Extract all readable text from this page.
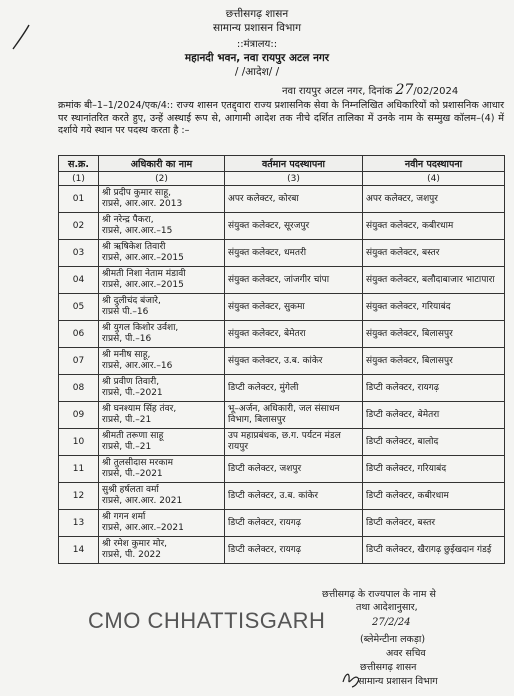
छत्तीसगढ़ शासन
सामान्य प्रशासन विभाग
::मंत्रालय::
महानदी भवन, नवा रायपुर अटल नगर
/ /आदेश/ /
नवा रायपुर अटल नगर, दिनांक 27/02/2024
क्रमांक बी–1–1/2024/एक/4:: राज्य शासन एतद्द्वारा राज्य प्रशासनिक सेवा के निम्नलिखित अधिकारियों को प्रशासनिक आधार पर स्थानांतरित करते हुए, उन्हें अस्थाई रूप से, आगामी आदेश तक नीचे दर्शित तालिका में उनके नाम के सम्मुख कॉलम–(4) में दर्शाये गये स्थान पर पदस्थ करता है :–
स.क्र.	अधिकारी का नाम	वर्तमान पदस्थापना	नवीन पदस्थापना
(1)	(2)	(3)	(4)
01	श्री प्रदीप कुमार साहू,
राप्रसे, आर.आर. 2013	अपर कलेक्टर, कोरबा	अपर कलेक्टर, जशपुर
02	श्री नरेन्द्र पैकरा,
राप्रसे, आर.आर.–15	संयुक्त कलेक्टर, सूरजपुर	संयुक्त कलेक्टर, कबीरधाम
03	श्री ऋषिकेश तिवारी
राप्रसे, आर.आर.–2015	संयुक्त कलेक्टर, धमतरी	संयुक्त कलेक्टर, बस्तर
04	श्रीमती निशा नेताम मंडावी
राप्रसे, आर.आर.–2015	संयुक्त कलेक्टर, जांजगीर चांपा	संयुक्त कलेक्टर, बलौदाबाजार भाटापारा
05	श्री दुलीचंद बंजारे,
राप्रसे पी.–16	संयुक्त कलेक्टर, सुकमा	संयुक्त कलेक्टर, गरियाबंद
06	श्री युगल किशोर उर्वशा,
राप्रसे, पी.–16	संयुक्त कलेक्टर, बेमेतरा	संयुक्त कलेक्टर, बिलासपुर
07	श्री मनीष साहू,
राप्रसे, आर.आर.–16	संयुक्त कलेक्टर, उ.ब. कांकेर	संयुक्त कलेक्टर, बिलासपुर
08	श्री प्रवीण तिवारी,
राप्रसे, पी.–2021	डिप्टी कलेक्टर, मुंगेली	डिप्टी कलेक्टर, रायगढ़
09	श्री घनश्याम सिंह तंवर,
राप्रसे, पी.–21	भू–अर्जन, अधिकारी, जल संसाधन विभाग, बिलासपुर	डिप्टी कलेक्टर, बेमेतरा
10	श्रीमती तरूणा साहू
राप्रसे, पी.–21	उप महाप्रबंधक, छ.ग. पर्यटन मंडल रायपुर	डिप्टी कलेक्टर, बालोद
11	श्री तुलसीदास मरकाम
राप्रसे, पी.–2021	डिप्टी कलेक्टर, जशपुर	डिप्टी कलेक्टर, गरियाबंद
12	सुश्री हर्षलता वर्मा
राप्रसे, आर.आर. 2021	डिप्टी कलेक्टर, उ.ब. कांकेर	डिप्टी कलेक्टर, कबीरधाम
13	श्री गगन शर्मा
राप्रसे, आर.आर.–2021	डिप्टी कलेक्टर, रायगढ़	डिप्टी कलेक्टर, बस्तर
14	श्री रमेश कुमार मोर,
राप्रसे, पी. 2022	डिप्टी कलेक्टर, रायगढ़	डिप्टी कलेक्टर, खैरागढ़ छुईखदान गंडई
छत्तीसगढ़ के राज्यपाल के नाम से
तथा आदेशानुसार,
27/2/24
(ब्लेमेन्टीना लकड़ा)
अवर सचिव
छत्तीसगढ़ शासन
सामान्य प्रशासन विभाग
CMO CHHATTISGARH
